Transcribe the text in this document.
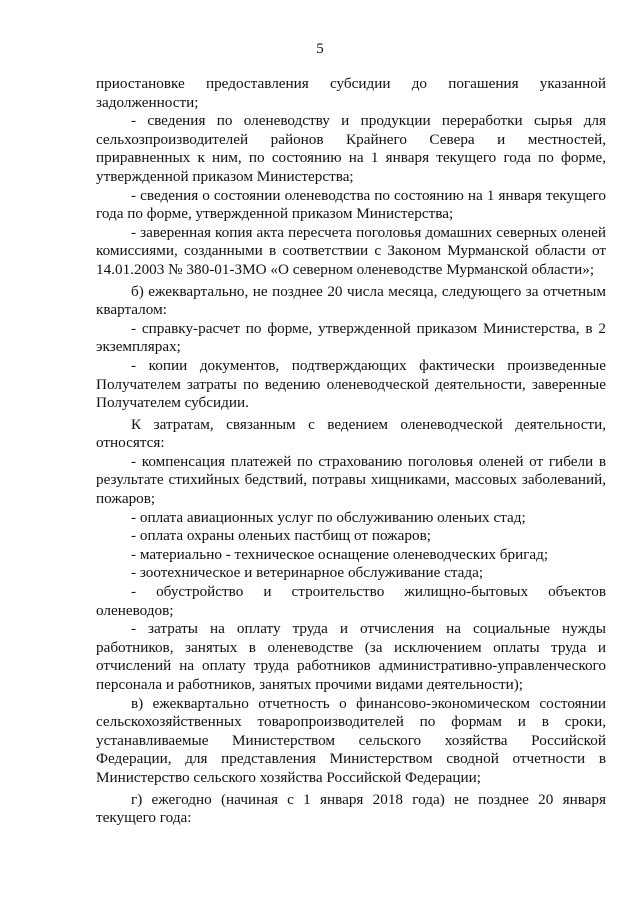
5

приостановке предоставления субсидии до погашения указанной задолженности;

- сведения по оленеводству и продукции переработки сырья для сельхозпроизводителей районов Крайнего Севера и местностей, приравненных к ним, по состоянию на 1 января текущего года по форме, утвержденной приказом Министерства;

- сведения о состоянии оленеводства по состоянию на 1 января текущего года по форме, утвержденной приказом Министерства;

- заверенная копия акта пересчета поголовья домашних северных оленей комиссиями, созданными в соответствии с Законом Мурманской области от 14.01.2003 № 380-01-ЗМО «О северном оленеводстве Мурманской области»;

б) ежеквартально, не позднее 20 числа месяца, следующего за отчетным кварталом:

- справку-расчет по форме, утвержденной приказом Министерства, в 2 экземплярах;

- копии документов, подтверждающих фактически произведенные Получателем затраты по ведению оленеводческой деятельности, заверенные Получателем субсидии.

К затратам, связанным с ведением оленеводческой деятельности, относятся:

- компенсация платежей по страхованию поголовья оленей от гибели в результате стихийных бедствий, потравы хищниками, массовых заболеваний, пожаров;

- оплата авиационных услуг по обслуживанию оленьих стад;

- оплата охраны оленьих пастбищ от пожаров;

- материально - техническое оснащение оленеводческих бригад;

- зоотехническое и ветеринарное обслуживание стада;

- обустройство и строительство жилищно-бытовых объектов оленеводов;

- затраты на оплату труда и отчисления на социальные нужды работников, занятых в оленеводстве (за исключением оплаты труда и отчислений на оплату труда работников административно-управленческого персонала и работников, занятых прочими видами деятельности);

в) ежеквартально отчетность о финансово-экономическом состоянии сельскохозяйственных товаропроизводителей по формам и в сроки, устанавливаемые Министерством сельского хозяйства Российской Федерации, для представления Министерством сводной отчетности в Министерство сельского хозяйства Российской Федерации;

г) ежегодно (начиная с 1 января 2018 года) не позднее 20 января текущего года:
